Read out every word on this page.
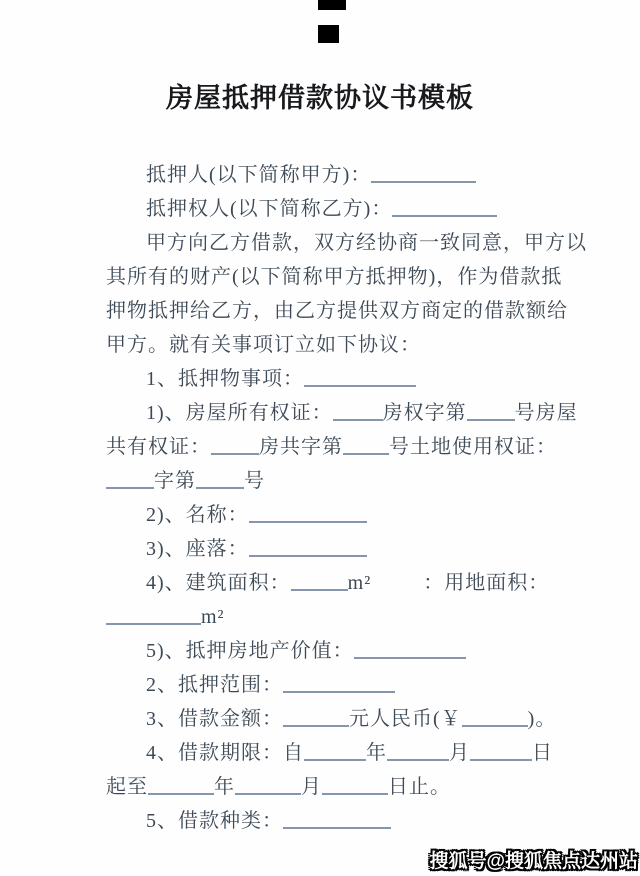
房屋抵押借款协议书模板
抵押人(以下简称甲方)：
抵押权人(以下简称乙方)：
甲方向乙方借款，双方经协商一致同意，甲方以
其所有的财产(以下简称甲方抵押物)，作为借款抵
押物抵押给乙方，由乙方提供双方商定的借款额给
甲方。就有关事项订立如下协议：
1、抵押物事项：
1)、房屋所有权证：	房权字第 号房屋
共有权证： 房共字第 号土地使用权证：
字第 号
2)、名称：
3)、座落：
4)、建筑面积：	m²	：用地面积：
m²
5)、抵押房地产价值：
2、抵押范围：
3、借款金额：	元人民币(￥	)。
4、借款期限：自	年	月	日
起至	年	月	日止。
5、借款种类：
搜狐号@搜狐焦点达州站
